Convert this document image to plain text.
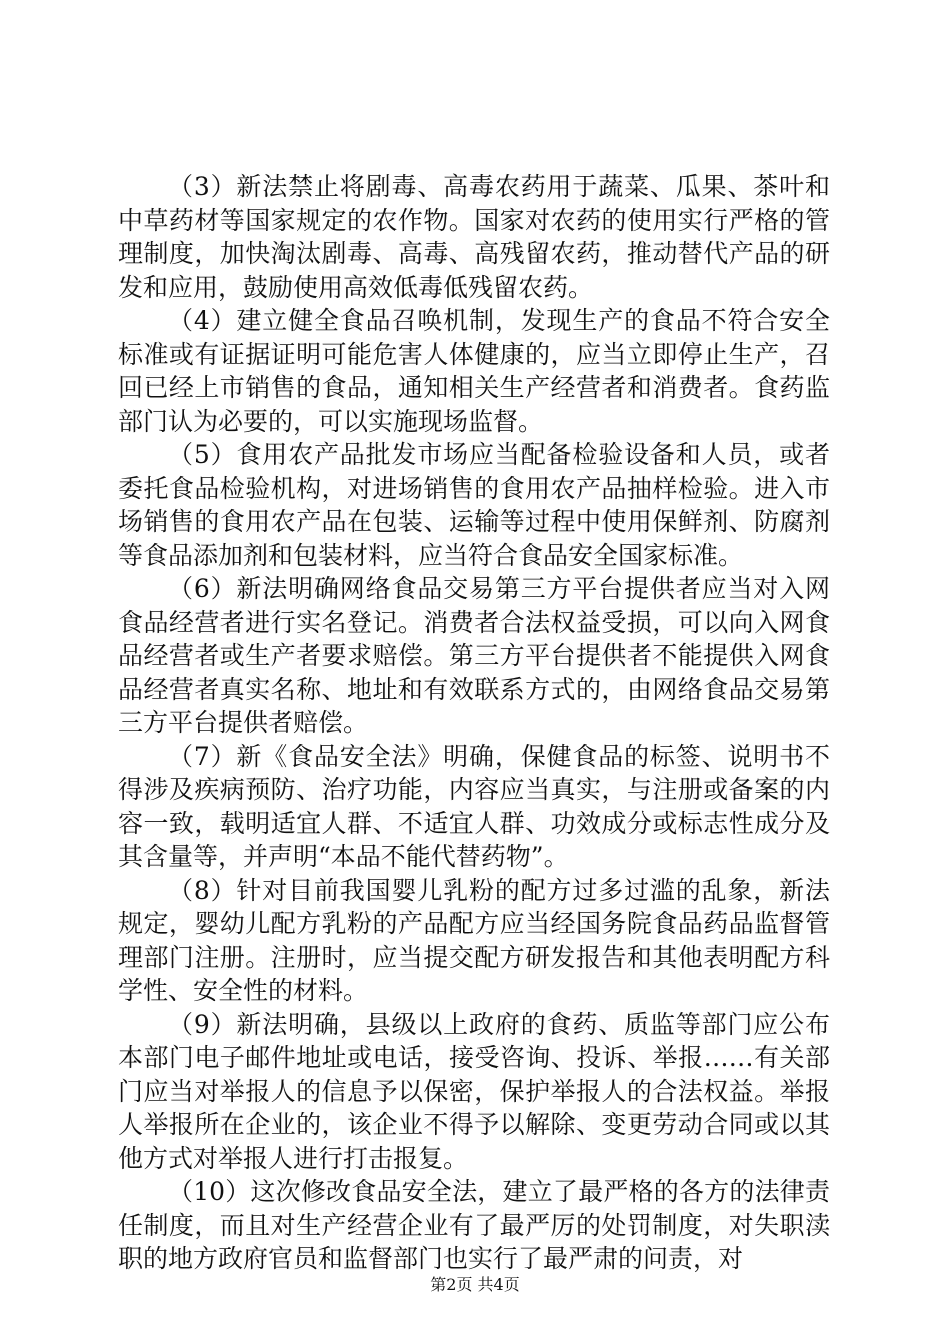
（3）新法禁止将剧毒、高毒农药用于蔬菜、瓜果、茶叶和中草药材等国家规定的农作物。国家对农药的使用实行严格的管理制度，加快淘汰剧毒、高毒、高残留农药，推动替代产品的研发和应用，鼓励使用高效低毒低残留农药。

（4）建立健全食品召唤机制，发现生产的食品不符合安全标准或有证据证明可能危害人体健康的，应当立即停止生产，召回已经上市销售的食品，通知相关生产经营者和消费者。食药监部门认为必要的，可以实施现场监督。

（5）食用农产品批发市场应当配备检验设备和人员，或者委托食品检验机构，对进场销售的食用农产品抽样检验。进入市场销售的食用农产品在包装、运输等过程中使用保鲜剂、防腐剂等食品添加剂和包装材料，应当符合食品安全国家标准。

（6）新法明确网络食品交易第三方平台提供者应当对入网食品经营者进行实名登记。消费者合法权益受损，可以向入网食品经营者或生产者要求赔偿。第三方平台提供者不能提供入网食品经营者真实名称、地址和有效联系方式的，由网络食品交易第三方平台提供者赔偿。

（7）新《食品安全法》明确，保健食品的标签、说明书不得涉及疾病预防、治疗功能，内容应当真实，与注册或备案的内容一致，载明适宜人群、不适宜人群、功效成分或标志性成分及其含量等，并声明“本品不能代替药物”。

（8）针对目前我国婴儿乳粉的配方过多过滥的乱象，新法规定，婴幼儿配方乳粉的产品配方应当经国务院食品药品监督管理部门注册。注册时，应当提交配方研发报告和其他表明配方科学性、安全性的材料。

（9）新法明确，县级以上政府的食药、质监等部门应公布本部门电子邮件地址或电话，接受咨询、投诉、举报……有关部门应当对举报人的信息予以保密，保护举报人的合法权益。举报人举报所在企业的，该企业不得予以解除、变更劳动合同或以其他方式对举报人进行打击报复。

（10）这次修改食品安全法，建立了最严格的各方的法律责任制度，而且对生产经营企业有了最严厉的处罚制度，对失职渎职的地方政府官员和监督部门也实行了最严肃的问责，对

第2页 共4页
